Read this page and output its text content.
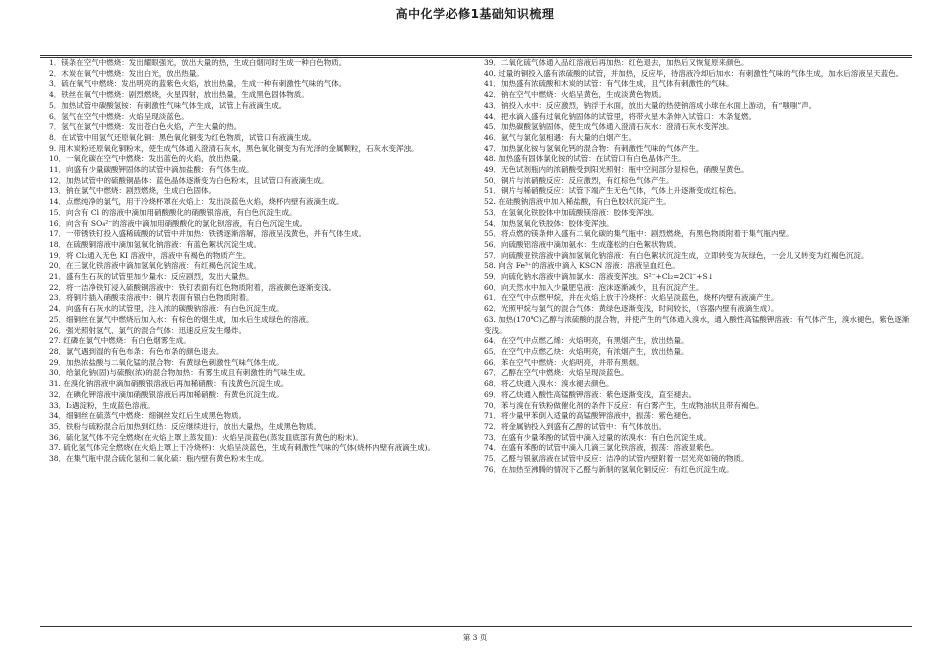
高中化学必修1基础知识梳理

1．镁条在空气中燃烧：发出耀眼强光，放出大量的热，生成白烟同时生成一种白色物质。

2．木炭在氧气中燃烧：发出白光，放出热量。

3．硫在氧气中燃烧：发出明亮的蓝紫色火焰，放出热量，生成一种有刺激性气味的气体。

4．铁丝在氧气中燃烧：剧烈燃烧，火星四射，放出热量，生成黑色固体物质。

5．加热试管中碳酸氢铵：有刺激性气味气体生成，试管上有液滴生成。

6．氢气在空气中燃烧：火焰呈现淡蓝色。

7．氢气在氯气中燃烧：发出苍白色火焰，产生大量的热。

8．在试管中用氢气还原氧化铜：黑色氧化铜变为红色物质，试管口有液滴生成。

9. 用木炭粉还原氧化铜粉末，使生成气体通入澄清石灰水，黑色氧化铜变为有光泽的金属颗粒，石灰水变浑浊。

10．一氧化碳在空气中燃烧：发出蓝色的火焰，放出热量。

11．向盛有少量碳酸钾固体的试管中滴加盐酸：有气体生成。

12．加热试管中的硫酸铜晶体：蓝色晶体逐渐变为白色粉末，且试管口有液滴生成。

13．钠在氯气中燃烧：剧烈燃烧，生成白色固体。

14．点燃纯净的氯气，用干冷烧杯罩在火焰上：发出淡蓝色火焰，烧杯内壁有液滴生成。

15．向含有 Cl 的溶液中滴加用硝酸酸化的硝酸银溶液，有白色沉淀生成。

16．向含有 SO₄²⁻的溶液中滴加用硝酸酸化的氯化钡溶液，有白色沉淀生成。

17．一带锈铁钉投入盛稀硫酸的试管中并加热：铁锈逐渐溶解，溶液呈浅黄色，并有气体生成。

18．在硫酸铜溶液中滴加氢氧化钠溶液：有蓝色絮状沉淀生成。

19．将 Cl₂通入无色 KI 溶液中，溶液中有褐色的物质产生。

20．在三氯化铁溶液中滴加氢氧化钠溶液：有红褐色沉淀生成。

21．盛有生石灰的试管里加少量水：反应剧烈，发出大量热。

22．将一洁净铁钉浸入硫酸铜溶液中：铁钉表面有红色物质附着，溶液颜色逐渐变浅。

23．将铜片插入硝酸汞溶液中：铜片表面有银白色物质附着。

24．向盛有石灰水的试管里，注入浓的碳酸钠溶液：有白色沉淀生成。

25．细铜丝在氯气中燃烧后加入水：有棕色的烟生成，加水后生成绿色的溶液。

26．强光照射氢气、氯气的混合气体：迅速反应发生爆炸。

27. 红磷在氯气中燃烧：有白色烟雾生成。

28．氯气遇到湿的有色布条：有色布条的颜色退去。

29．加热浓盐酸与二氧化锰的混合物：有黄绿色刺激性气味气体生成。

30．给氯化钠(固)与硫酸(浓)的混合物加热：有雾生成且有刺激性的气味生成。

31. 在溴化钠溶液中滴加硝酸银溶液后再加稀硝酸：有浅黄色沉淀生成。

32．在碘化钾溶液中滴加硝酸银溶液后再加稀硝酸：有黄色沉淀生成。

33．I₂遇淀粉，生成蓝色溶液。

34．细铜丝在硫蒸气中燃烧：细铜丝发红后生成黑色物质。

35．铁粉与硫粉混合后加热到红热：反应继续进行，放出大量热，生成黑色物质。

36．硫化氢气体不完全燃烧(在火焰上罩上蒸发皿)：火焰呈淡蓝色(蒸发皿底部有黄色的粉末)。

37. 硫化氢气体完全燃烧(在火焰上罩上干冷烧杯)：火焰呈淡蓝色，生成有刺激性气味的气体(烧杯内壁有液滴生成)。

38．在集气瓶中混合硫化氢和二氧化硫：瓶内壁有黄色粉末生成。

39．二氧化硫气体通入品红溶液后再加热：红色退去，加热后又恢复原来颜色。

40. 过量的铜投入盛有浓硫酸的试管，并加热，反应毕，待溶液冷却后加水：有刺激性气味的气体生成，加水后溶液呈天蓝色。

41．加热盛有浓硫酸和木炭的试管：有气体生成，且气体有刺激性的气味。

42．钠在空气中燃烧：火焰呈黄色，生成淡黄色物质。

43．钠投入水中：反应激烈，钠浮于水面，放出大量的热使钠溶成小球在水面上游动，有“嗤嗤”声。

44．把水滴入盛有过氧化钠固体的试管里，将带火星木条伸入试管口：木条复燃。

45．加热碳酸氢钠固体，使生成气体通入澄清石灰水：澄清石灰水变浑浊。

46．氨气与氯化氢相遇：有大量的白烟产生。

47．加热氯化铵与氢氧化钙的混合物：有刺激性气味的气体产生。

48. 加热盛有固体氯化铵的试管：在试管口有白色晶体产生。

49．无色试剂瓶内的浓硝酸受到阳光照射：瓶中空间部分显棕色，硝酸呈黄色。

50．铜片与浓硝酸反应：反应激烈，有红棕色气体产生。

51．铜片与稀硝酸反应：试管下端产生无色气体，气体上升逐渐变成红棕色。

52. 在硅酸钠溶液中加入稀盐酸，有白色胶状沉淀产生。

53．在氢氧化铁胶体中加硫酸镁溶液：胶体变浑浊。

54．加热氢氧化铁胶体：胶体变浑浊。

55．将点燃的镁条伸入盛有二氧化碳的集气瓶中：剧烈燃烧，有黑色物质附着于集气瓶内壁。

56．向硫酸铝溶液中滴加氨水：生成蓬松的白色絮状物质。

57．向硫酸亚铁溶液中滴加氢氧化钠溶液：有白色絮状沉淀生成，立即转变为灰绿色，一会儿又转变为红褐色沉淀。

58. 向含 Fe³⁺的溶液中滴入 KSCN 溶液：溶液呈血红色。

59．向硫化钠水溶液中滴加氯水：溶液变浑浊。S²⁻+Cl₂=2Cl⁻+S↓

60．向天然水中加入少量肥皂液：泡沫逐渐减少，且有沉淀产生。

61．在空气中点燃甲烷，并在火焰上放干冷烧杯：火焰呈淡蓝色，烧杯内壁有液滴产生。

62．光照甲烷与氯气的混合气体：黄绿色逐渐变浅，时间较长，（容器内壁有液滴生成）。

63. 加热(170℃)乙醇与浓硫酸的混合物，并使产生的气体通入溴水，通入酸性高锰酸钾溶液：有气体产生，溴水褪色，紫色逐渐变浅。

64．在空气中点燃乙烯：火焰明亮，有黑烟产生，放出热量。

65．在空气中点燃乙炔：火焰明亮，有浓烟产生，放出热量。

66．苯在空气中燃烧：火焰明亮，并带有黑烟。

67．乙醇在空气中燃烧：火焰呈现淡蓝色。

68．将乙炔通入溴水：溴水褪去颜色。

69．将乙炔通入酸性高锰酸钾溶液：紫色逐渐变浅，直至褪去。

70．苯与溴在有铁粉做催化剂的条件下反应：有白雾产生，生成物油状且带有褐色。

71．将少量甲苯倒入适量的高锰酸钾溶液中，振荡：紫色褪色。

72．将金属钠投入到盛有乙醇的试管中：有气体放出。

73．在盛有少量苯酚的试管中滴入过量的浓溴水：有白色沉淀生成。

74．在盛有苯酚的试管中滴入几滴三氯化铁溶液，振荡：溶液显紫色。

75．乙醛与银氨溶液在试管中反应：洁净的试管内壁附着一层光亮如镜的物质。

76．在加热至沸腾的情况下乙醛与新制的氢氧化铜反应：有红色沉淀生成。

第 3 页
